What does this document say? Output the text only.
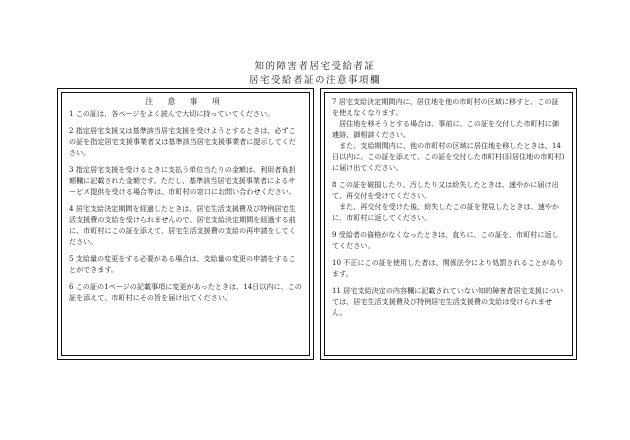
知的障害者居宅受給者証
居宅受給者証の注意事項欄
注 意 事 項

1 この証は、各ページをよく読んで大切に持っていてください。

2 指定居宅支援又は基準該当居宅支援を受けようとするときは、必ずこの証を指定居宅支援事業者又は基準該当居宅支援事業者に提示してください。

3 指定居宅支援を受けるときに支払う単位当たりの金額は、利用者負担額欄に記載された金額です。ただし、基準該当居宅支援事業者によるサービス提供を受ける場合等は、市町村の窓口にお問い合わせください。

4 居宅支給決定期間を経過したときは、居宅生活支援費及び特例居宅生活支援費の支給を受けられませんので、居宅支給決定期間を経過する前に、市町村にこの証を添えて、居宅生活支援費の支給の再申請をしてください。

5 支給量の変更をする必要がある場合は、支給量の変更の申請をすることができます。

6 この証の1ページの記載事項に変更があったときは、14日以内に、この証を添えて、市町村にその旨を届け出てください。

7 居宅支給決定期間内に、居住地を他の市町村の区域に移すと、この証を使えなくなります。

居住地を移そうとする場合は、事前に、この証を交付した市町村に御連絡、御相談ください。

また、支給期間内に、他の市町村の区域に居住地を移したときは、14日以内に、この証を添えて、この証を交付した市町村(旧居住地の市町村)に届け出てください。

8 この証を破損したり、汚したり又は紛失したときは、速やかに届け出て、再交付を受けてください。

また、再交付を受けた後、紛失したこの証を発見したときは、速やかに、市町村に返してください。

9 受給者の資格がなくなったときは、直ちに、この証を、市町村に返してください。

10 不正にこの証を使用した者は、関係法令により処罰されることがあります。

11 居宅支給決定の内容欄に記載されていない知的障害者居宅支援については、居宅生活支援費及び特例居宅生活支援費の支給は受けられません。
